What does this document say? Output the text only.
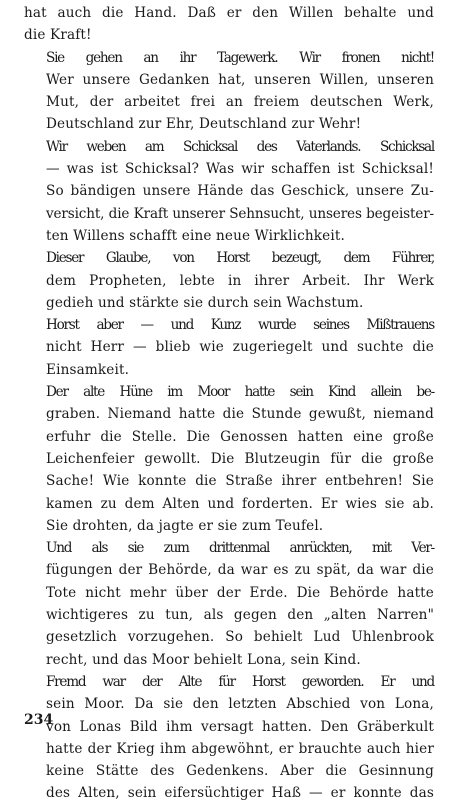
hat auch die Hand. Daß er den Willen behalte und
die Kraft!

Sie gehen an ihr Tagewerk. Wir fronen nicht!
Wer unsere Gedanken hat, unseren Willen, unseren
Mut, der arbeitet frei an freiem deutschen Werk,
Deutschland zur Ehr, Deutschland zur Wehr!

Wir weben am Schicksal des Vaterlands. Schicksal
— was ist Schicksal? Was wir schaffen ist Schicksal!
So bändigen unsere Hände das Geschick, unsere Zu-
versicht, die Kraft unserer Sehnsucht, unseres begeister-
ten Willens schafft eine neue Wirklichkeit.

Dieser Glaube, von Horst bezeugt, dem Führer,
dem Propheten, lebte in ihrer Arbeit. Ihr Werk
gedieh und stärkte sie durch sein Wachstum.

Horst aber — und Kunz wurde seines Mißtrauens
nicht Herr — blieb wie zugeriegelt und suchte die
Einsamkeit.

Der alte Hüne im Moor hatte sein Kind allein be-
graben. Niemand hatte die Stunde gewußt, niemand
erfuhr die Stelle. Die Genossen hatten eine große
Leichenfeier gewollt. Die Blutzeugin für die große
Sache! Wie konnte die Straße ihrer entbehren! Sie
kamen zu dem Alten und forderten. Er wies sie ab.
Sie drohten, da jagte er sie zum Teufel.

Und als sie zum drittenmal anrückten, mit Ver-
fügungen der Behörde, da war es zu spät, da war die
Tote nicht mehr über der Erde. Die Behörde hatte
wichtigeres zu tun, als gegen den „alten Narren"
gesetzlich vorzugehen. So behielt Lud Uhlenbrook
recht, und das Moor behielt Lona, sein Kind.

Fremd war der Alte für Horst geworden. Er und
sein Moor. Da sie den letzten Abschied von Lona,
von Lonas Bild ihm versagt hatten. Den Gräberkult
hatte der Krieg ihm abgewöhnt, er brauchte auch hier
keine Stätte des Gedenkens. Aber die Gesinnung
des Alten, sein eifersüchtiger Haß — er konnte das

234
